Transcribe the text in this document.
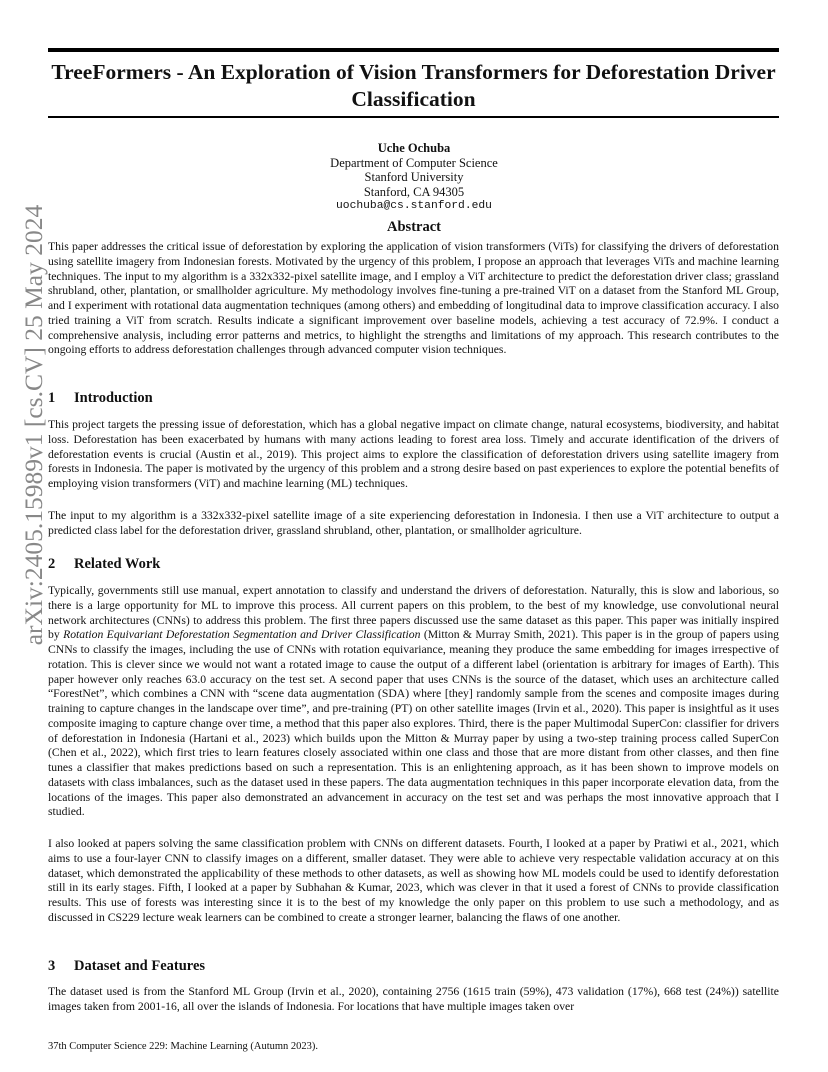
TreeFormers - An Exploration of Vision Transformers for Deforestation Driver Classification
Uche Ochuba
Department of Computer Science
Stanford University
Stanford, CA 94305
uochuba@cs.stanford.edu
arXiv:2405.15989v1 [cs.CV] 25 May 2024	Abstract

This paper addresses the critical issue of deforestation by exploring the application of vision transformers (ViTs) for classifying the drivers of deforestation using satellite imagery from Indonesian forests. Motivated by the urgency of this problem, I propose an approach that leverages ViTs and machine learning techniques. The input to my algorithm is a 332x332-pixel satellite image, and I employ a ViT architecture to predict the deforestation driver class; grassland shrubland, other, plantation, or smallholder agriculture. My methodology involves fine-tuning a pre-trained ViT on a dataset from the Stanford ML Group, and I experiment with rotational data augmentation techniques (among others) and embedding of longitudinal data to improve classification accuracy. I also tried training a ViT from scratch. Results indicate a significant improvement over baseline models, achieving a test accuracy of 72.9%. I conduct a comprehensive analysis, including error patterns and metrics, to highlight the strengths and limitations of my approach. This research contributes to the ongoing efforts to address deforestation challenges through advanced computer vision techniques.

1 Introduction

This project targets the pressing issue of deforestation, which has a global negative impact on climate change, natural ecosystems, biodiversity, and habitat loss. Deforestation has been exacerbated by humans with many actions leading to forest area loss. Timely and accurate identification of the drivers of deforestation events is crucial (Austin et al., 2019). This project aims to explore the classification of deforestation drivers using satellite imagery from forests in Indonesia. The paper is motivated by the urgency of this problem and a strong desire based on past experiences to explore the potential benefits of employing vision transformers (ViT) and machine learning (ML) techniques.

The input to my algorithm is a 332x332-pixel satellite image of a site experiencing deforestation in Indonesia. I then use a ViT architecture to output a predicted class label for the deforestation driver, grassland shrubland, other, plantation, or smallholder agriculture.

2 Related Work

Typically, governments still use manual, expert annotation to classify and understand the drivers of deforestation. Naturally, this is slow and laborious, so there is a large opportunity for ML to improve this process. All current papers on this problem, to the best of my knowledge, use convolutional neural network architectures (CNNs) to address this problem. The first three papers discussed use the same dataset as this paper. This paper was initially inspired by Rotation Equivariant Deforestation Segmentation and Driver Classification (Mitton & Murray Smith, 2021). This paper is in the group of papers using CNNs to classify the images, including the use of CNNs with rotation equivariance, meaning they produce the same embedding for images irrespective of rotation. This is clever since we would not want a rotated image to cause the output of a different label (orientation is arbitrary for images of Earth). This paper however only reaches 63.0 accuracy on the test set. A second paper that uses CNNs is the source of the dataset, which uses an architecture called “ForestNet”, which combines a CNN with “scene data augmentation (SDA) where [they] randomly sample from the scenes and composite images during training to capture changes in the landscape over time”, and pre-training (PT) on other satellite images (Irvin et al., 2020). This paper is insightful as it uses composite imaging to capture change over time, a method that this paper also explores. Third, there is the paper Multimodal SuperCon: classifier for drivers of deforestation in Indonesia (Hartani et al., 2023) which builds upon the Mitton & Murray paper by using a two-step training process called SuperCon (Chen et al., 2022), which first tries to learn features closely associated within one class and those that are more distant from other classes, and then fine tunes a classifier that makes predictions based on such a representation. This is an enlightening approach, as it has been shown to improve models on datasets with class imbalances, such as the dataset used in these papers. The data augmentation techniques in this paper incorporate elevation data, from the locations of the images. This paper also demonstrated an advancement in accuracy on the test set and was perhaps the most innovative approach that I studied.

I also looked at papers solving the same classification problem with CNNs on different datasets. Fourth, I looked at a paper by Pratiwi et al., 2021, which aims to use a four-layer CNN to classify images on a different, smaller dataset. They were able to achieve very respectable validation accuracy at on this dataset, which demonstrated the applicability of these methods to other datasets, as well as showing how ML models could be used to identify deforestation still in its early stages. Fifth, I looked at a paper by Subhahan & Kumar, 2023, which was clever in that it used a forest of CNNs to provide classification results. This use of forests was interesting since it is to the best of my knowledge the only paper on this problem to use such a methodology, and as discussed in CS229 lecture weak learners can be combined to create a stronger learner, balancing the flaws of one another.

3 Dataset and Features

The dataset used is from the Stanford ML Group (Irvin et al., 2020), containing 2756 (1615 train (59%), 473 validation (17%), 668 test (24%)) satellite images taken from 2001-16, all over the islands of Indonesia. For locations that have multiple images taken over

37th Computer Science 229: Machine Learning (Autumn 2023).
